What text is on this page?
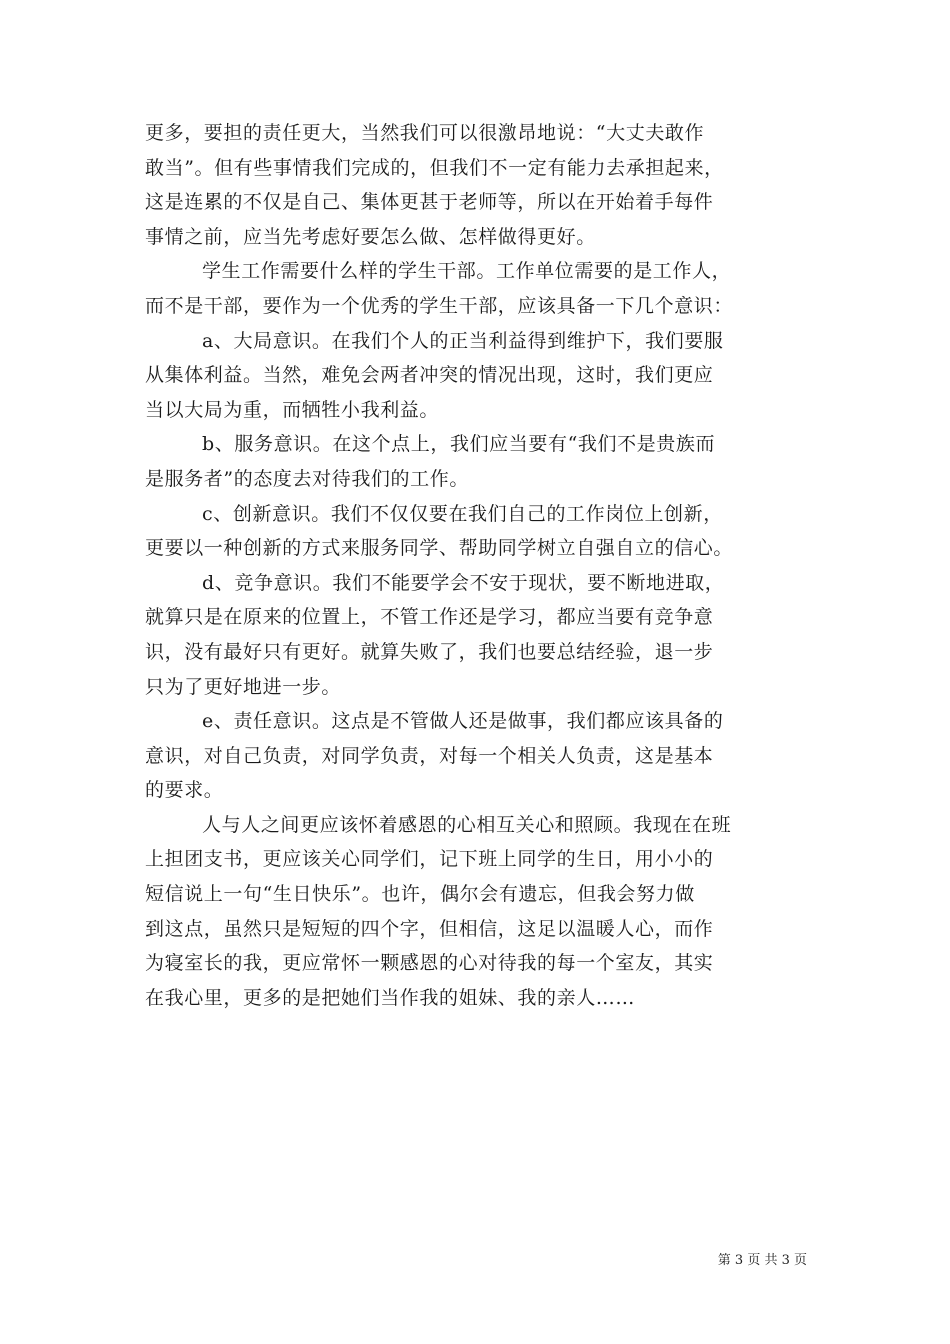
更多，要担的责任更大，当然我们可以很激昂地说：“大丈夫敢作
敢当”。但有些事情我们完成的，但我们不一定有能力去承担起来，
这是连累的不仅是自己、集体更甚于老师等，所以在开始着手每件
事情之前，应当先考虑好要怎么做、怎样做得更好。
学生工作需要什么样的学生干部。工作单位需要的是工作人，
而不是干部，要作为一个优秀的学生干部，应该具备一下几个意识：
a、大局意识。在我们个人的正当利益得到维护下，我们要服
从集体利益。当然，难免会两者冲突的情况出现，这时，我们更应
当以大局为重，而牺牲小我利益。
b、服务意识。在这个点上，我们应当要有“我们不是贵族而
是服务者”的态度去对待我们的工作。
c、创新意识。我们不仅仅要在我们自己的工作岗位上创新，
更要以一种创新的方式来服务同学、帮助同学树立自强自立的信心。
d、竞争意识。我们不能要学会不安于现状，要不断地进取，
就算只是在原来的位置上，不管工作还是学习，都应当要有竞争意
识，没有最好只有更好。就算失败了，我们也要总结经验，退一步
只为了更好地进一步。
e、责任意识。这点是不管做人还是做事，我们都应该具备的
意识，对自己负责，对同学负责，对每一个相关人负责，这是基本
的要求。
人与人之间更应该怀着感恩的心相互关心和照顾。我现在在班
上担团支书，更应该关心同学们，记下班上同学的生日，用小小的
短信说上一句“生日快乐”。也许，偶尔会有遗忘，但我会努力做
到这点，虽然只是短短的四个字，但相信，这足以温暖人心，而作
为寝室长的我，更应常怀一颗感恩的心对待我的每一个室友，其实
在我心里，更多的是把她们当作我的姐妹、我的亲人……
第 3 页 共 3 页
